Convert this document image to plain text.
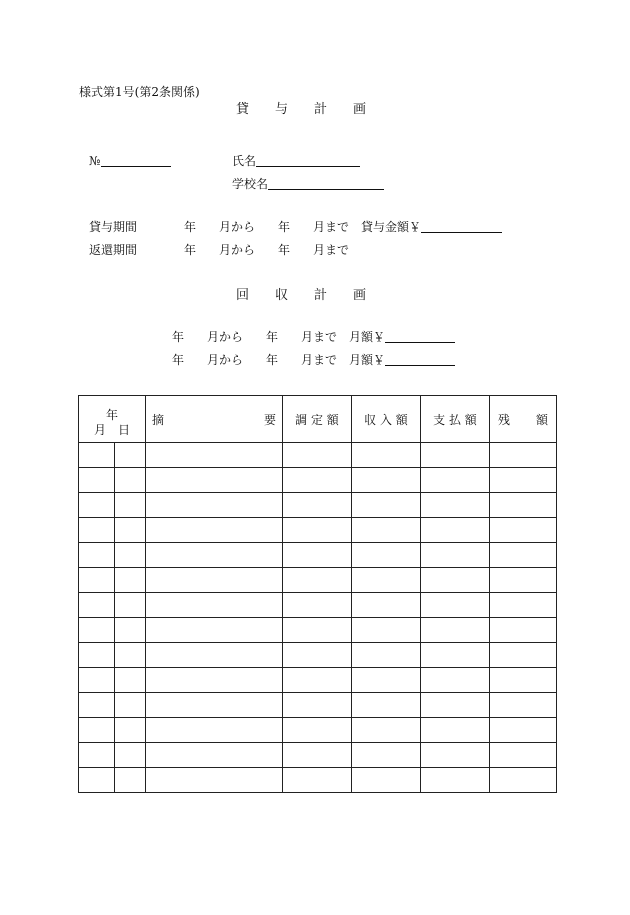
様式第1号(第2条関係)
貸　　与　　計　　画
№	氏名
学校名
貸与期間	年 月から 年 月まで 貸与金額￥
返還期間	年 月から 年 月まで
回　　収　　計　　画
年 月から 年 月まで 月額￥
年 月から 年 月まで 月額￥
年
月　日		摘 要	調 定 額	収 入 額	支 払 額	残 額
